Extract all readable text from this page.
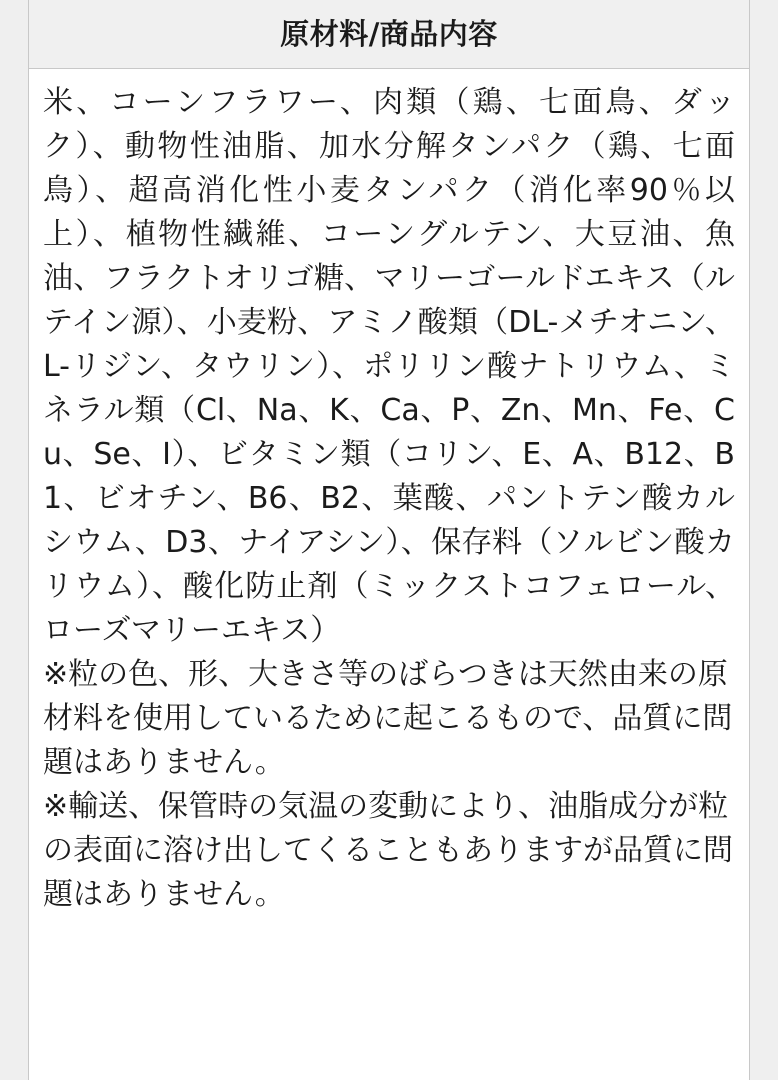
原材料/商品内容

米、コーンフラワー、肉類（鶏、七面鳥、ダック）、動物性油脂、加水分解タンパク（鶏、七面鳥）、超高消化性小麦タンパク（消化率90％以上）、植物性繊維、コーングルテン、大豆油、魚油、フラクトオリゴ糖、マリーゴールドエキス（ルテイン源）、小麦粉、アミノ酸類（DL-メチオニン、L-リジン、タウリン）、ポリリン酸ナトリウム、ミネラル類（Cl、Na、K、Ca、P、Zn、Mn、Fe、Cu、Se、I）、ビタミン類（コリン、E、A、B12、B1、ビオチン、B6、B2、葉酸、パントテン酸カルシウム、D3、ナイアシン）、保存料（ソルビン酸カリウム）、酸化防止剤（ミックストコフェロール、ローズマリーエキス）

※粒の色、形、大きさ等のばらつきは天然由来の原材料を使用しているために起こるもので、品質に問題はありません。

※輸送、保管時の気温の変動により、油脂成分が粒の表面に溶け出してくることもありますが品質に問題はありません。
